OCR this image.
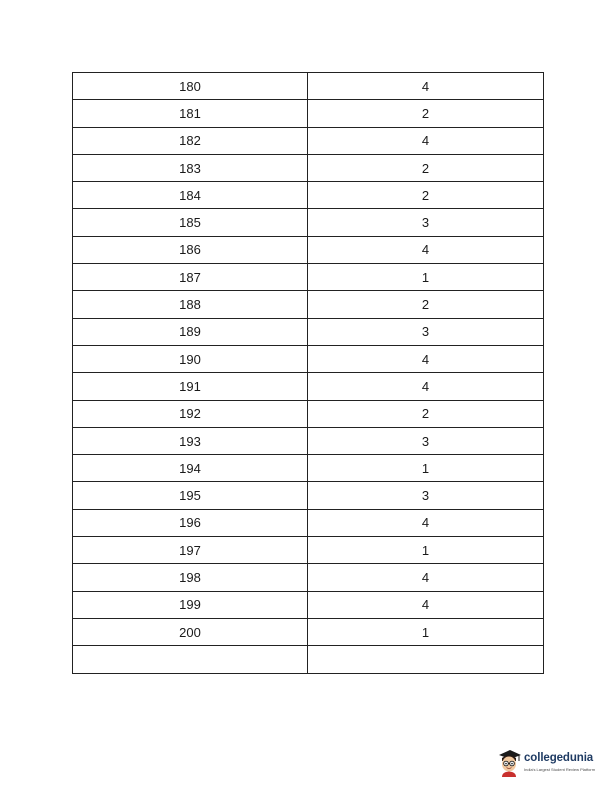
180	4
181	2
182	4
183	2
184	2
185	3
186	4
187	1
188	2
189	3
190	4
191	4
192	2
193	3
194	1
195	3
196	4
197	1
198	4
199	4
200	1

collegedunia
India's Largest Student Review Platform
